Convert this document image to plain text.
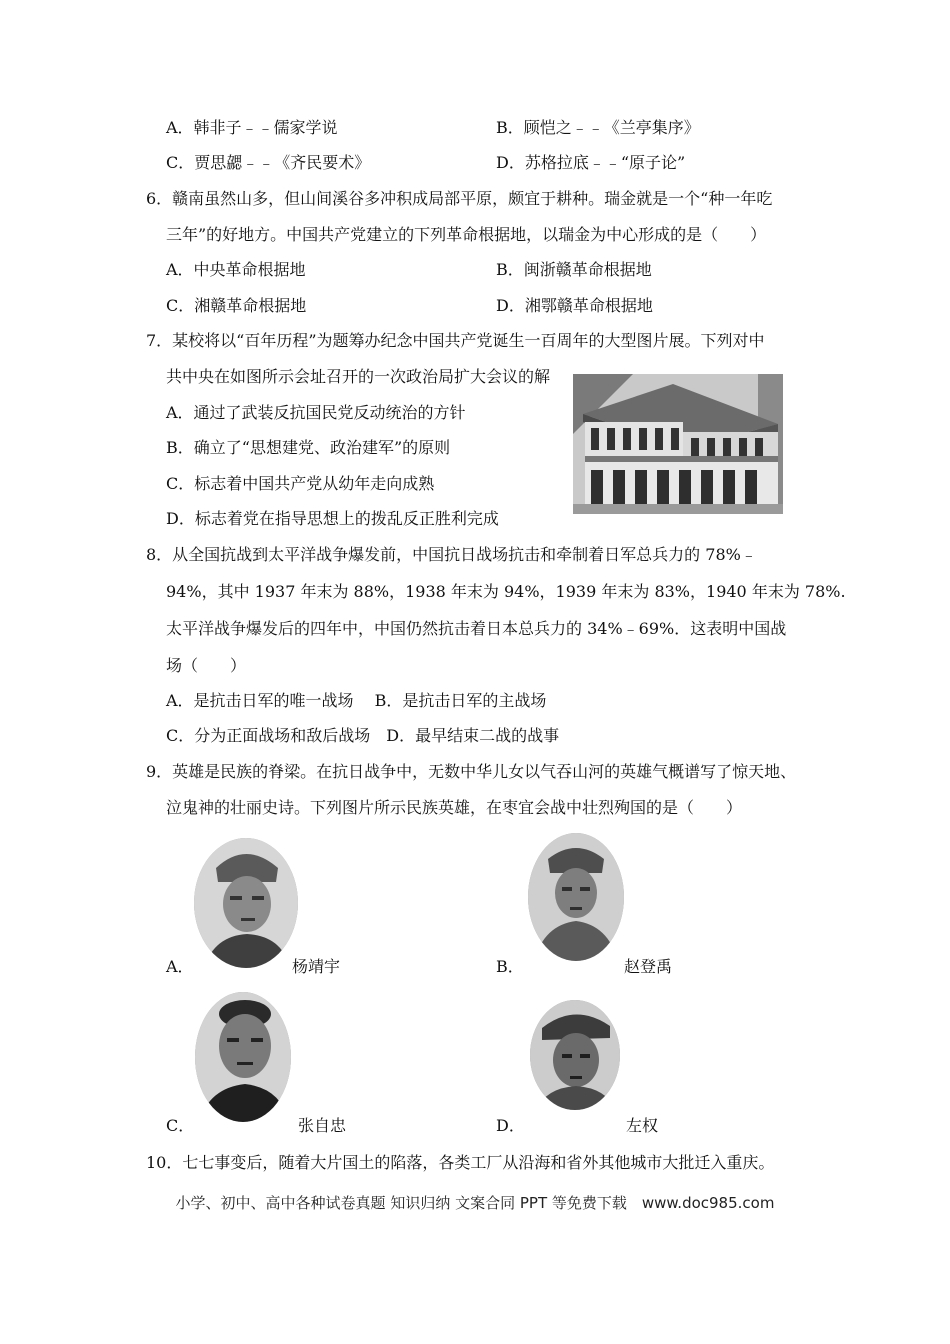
A．韩非子﹣﹣儒家学说	B．顾恺之﹣﹣《兰亭集序》
C．贾思勰﹣﹣《齐民要术》	D．苏格拉底﹣﹣“原子论”
6．赣南虽然山多，但山间溪谷多冲积成局部平原，颇宜于耕种。瑞金就是一个“种一年吃
三年”的好地方。中国共产党建立的下列革命根据地，以瑞金为中心形成的是（　　）
A．中央革命根据地	B．闽浙赣革命根据地
C．湘赣革命根据地	D．湘鄂赣革命根据地
7．某校将以“百年历程”为题筹办纪念中国共产党诞生一百周年的大型图片展。下列对中
共中央在如图所示会址召开的一次政治局扩大会议的解
A．通过了武装反抗国民党反动统治的方针
B．确立了“思想建党、政治建军”的原则
C．标志着中国共产党从幼年走向成熟
D．标志着党在指导思想上的拨乱反正胜利完成
8．从全国抗战到太平洋战争爆发前，中国抗日战场抗击和牵制着日军总兵力的 78%﹣
94%，其中 1937 年末为 88%，1938 年末为 94%，1939 年末为 83%，1940 年末为 78%.
太平洋战争爆发后的四年中，中国仍然抗击着日本总兵力的 34%﹣69%．这表明中国战
场（　　）
A．是抗击日军的唯一战场　 B．是抗击日军的主战场
C．分为正面战场和敌后战场　D．最早结束二战的战事
9．英雄是民族的脊梁。在抗日战争中，无数中华儿女以气吞山河的英雄气概谱写了惊天地、
泣鬼神的壮丽史诗。下列图片所示民族英雄，在枣宜会战中壮烈殉国的是（　　）
A．	杨靖宇	B．	赵登禹
C．	张自忠	D．	左权
10．七七事变后，随着大片国土的陷落，各类工厂从沿海和省外其他城市大批迁入重庆。
小学、初中、高中各种试卷真题 知识归纳 文案合同 PPT 等免费下载　www.doc985.com
